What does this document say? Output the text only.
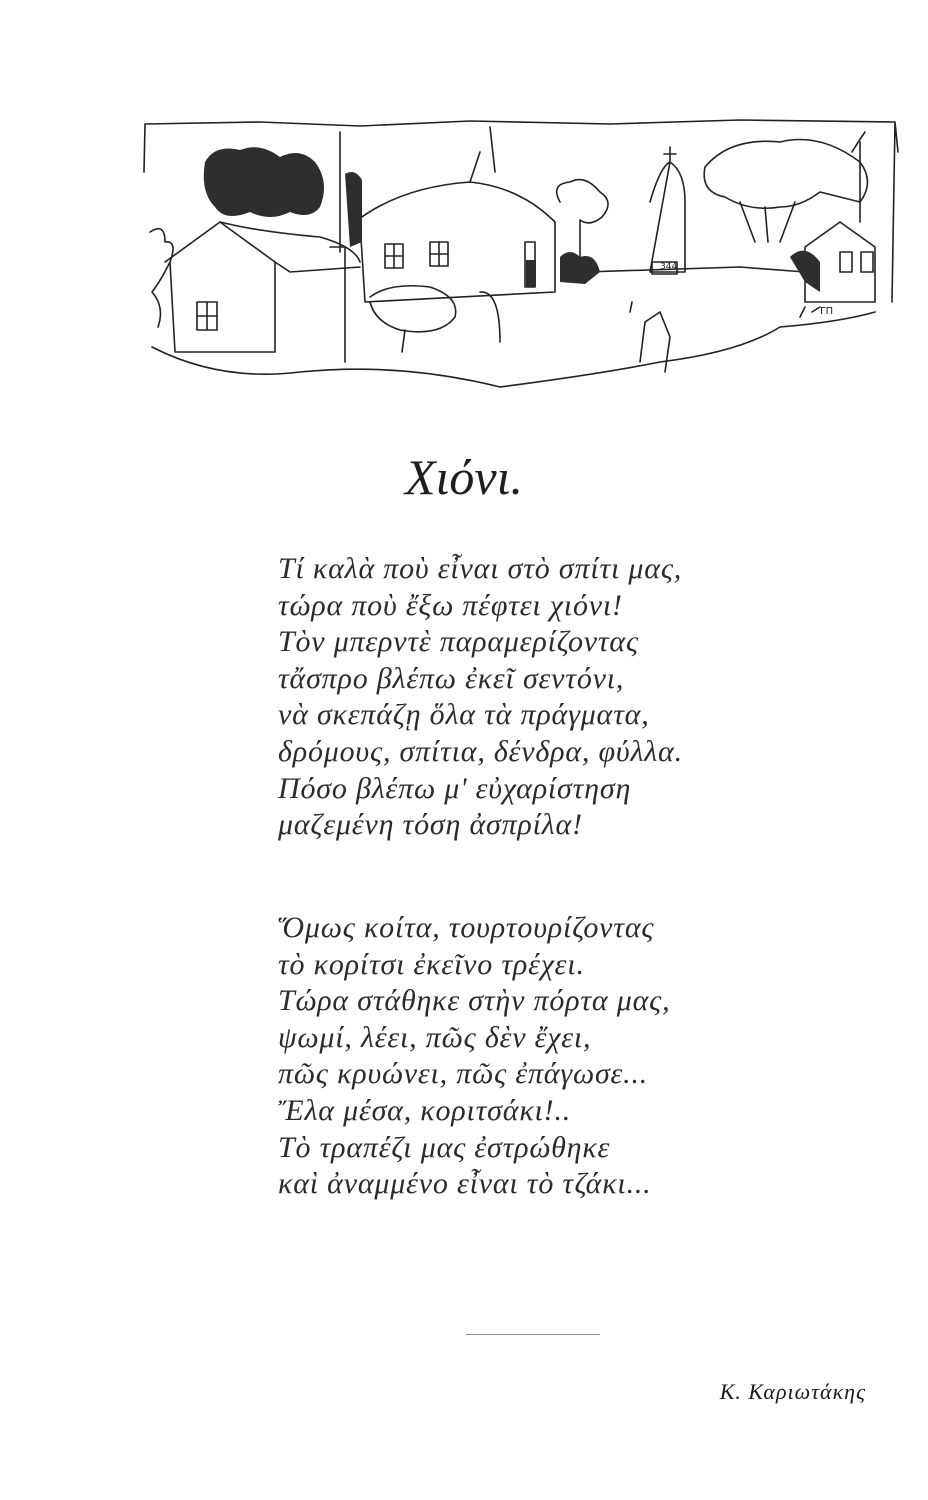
344
ΓΠ
Χιόνι.
Τί καλὰ ποὺ εἶναι στὸ σπίτι μας,
τώρα ποὺ ἔξω πέφτει χιόνι!
Τὸν μπερντὲ παραμερίζοντας
τἄσπρο βλέπω ἐκεῖ σεντόνι,
νὰ σκεπάζῃ ὅλα τὰ πράγματα,
δρόμους, σπίτια, δένδρα, φύλλα.
Πόσο βλέπω μ' εὐχαρίστηση
μαζεμένη τόση ἀσπρίλα!
Ὅμως κοίτα, τουρτουρίζοντας
τὸ κορίτσι ἐκεῖνο τρέχει.
Τώρα στάθηκε στὴν πόρτα μας,
ψωμί, λέει, πῶς δὲν ἔχει,
πῶς κρυώνει, πῶς ἐπάγωσε...
Ἔλα μέσα, κοριτσάκι!..
Τὸ τραπέζι μας ἐστρώθηκε
καὶ ἀναμμένο εἶναι τὸ τζάκι...
Κ. Καριωτάκης
